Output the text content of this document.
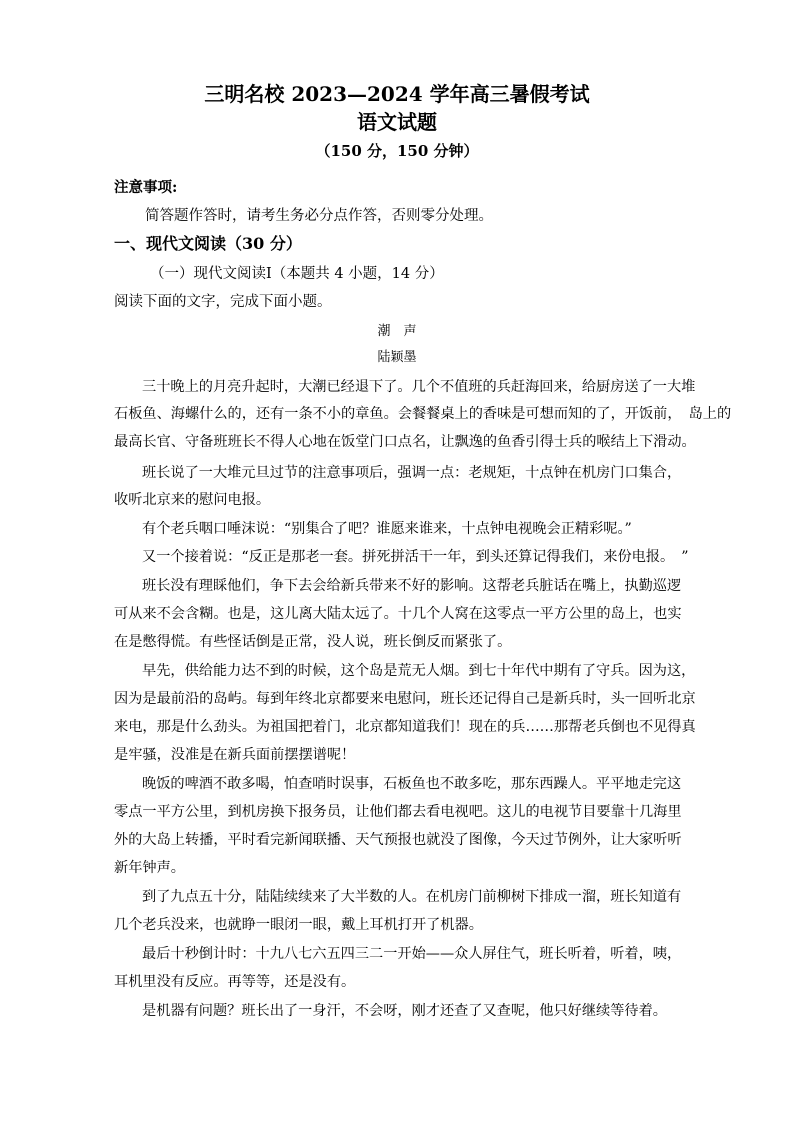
三明名校 2023—2024 学年高三暑假考试
语文试题
（150 分，150 分钟）
注意事项:
简答题作答时，请考生务必分点作答，否则零分处理。
一、现代文阅读（30 分）
（一）现代文阅读Ⅰ（本题共 4 小题，14 分）
阅读下面的文字，完成下面小题。
潮　声
陆颖墨
三十晚上的月亮升起时，大潮已经退下了。几个不值班的兵赶海回来，给厨房送了一大堆
石板鱼、海螺什么的，还有一条不小的章鱼。会餐餐桌上的香味是可想而知的了，开饭前，　岛上的
最高长官、守备班班长不得人心地在饭堂门口点名，让飘逸的鱼香引得士兵的喉结上下滑动。
班长说了一大堆元旦过节的注意事项后，强调一点：老规矩，十点钟在机房门口集合，
收听北京来的慰问电报。
有个老兵咽口唾沫说：“别集合了吧？谁愿来谁来，十点钟电视晚会正精彩呢。”
又一个接着说：“反正是那老一套。拼死拼活干一年，到头还算记得我们，来份电报。　”
班长没有理睬他们，争下去会给新兵带来不好的影响。这帮老兵脏话在嘴上，执勤巡逻
可从来不会含糊。也是，这儿离大陆太远了。十几个人窝在这零点一平方公里的岛上，也实
在是憋得慌。有些怪话倒是正常，没人说，班长倒反而紧张了。
早先，供给能力达不到的时候，这个岛是荒无人烟。到七十年代中期有了守兵。因为这，
因为是最前沿的岛屿。每到年终北京都要来电慰问，班长还记得自己是新兵时，头一回听北京
来电，那是什么劲头。为祖国把着门，北京都知道我们！现在的兵……那帮老兵倒也不见得真
是牢骚，没准是在新兵面前摆摆谱呢！
晚饭的啤酒不敢多喝，怕查哨时误事，石板鱼也不敢多吃，那东西躁人。平平地走完这
零点一平方公里，到机房换下报务员，让他们都去看电视吧。这儿的电视节目要靠十几海里
外的大岛上转播，平时看完新闻联播、天气预报也就没了图像，今天过节例外，让大家听听
新年钟声。
到了九点五十分，陆陆续续来了大半数的人。在机房门前柳树下排成一溜，班长知道有
几个老兵没来，也就睁一眼闭一眼，戴上耳机打开了机器。
最后十秒倒计时：十九八七六五四三二一开始——众人屏住气，班长听着，听着，咦，
耳机里没有反应。再等等，还是没有。
是机器有问题？班长出了一身汗，不会呀，刚才还查了又查呢，他只好继续等待着。
